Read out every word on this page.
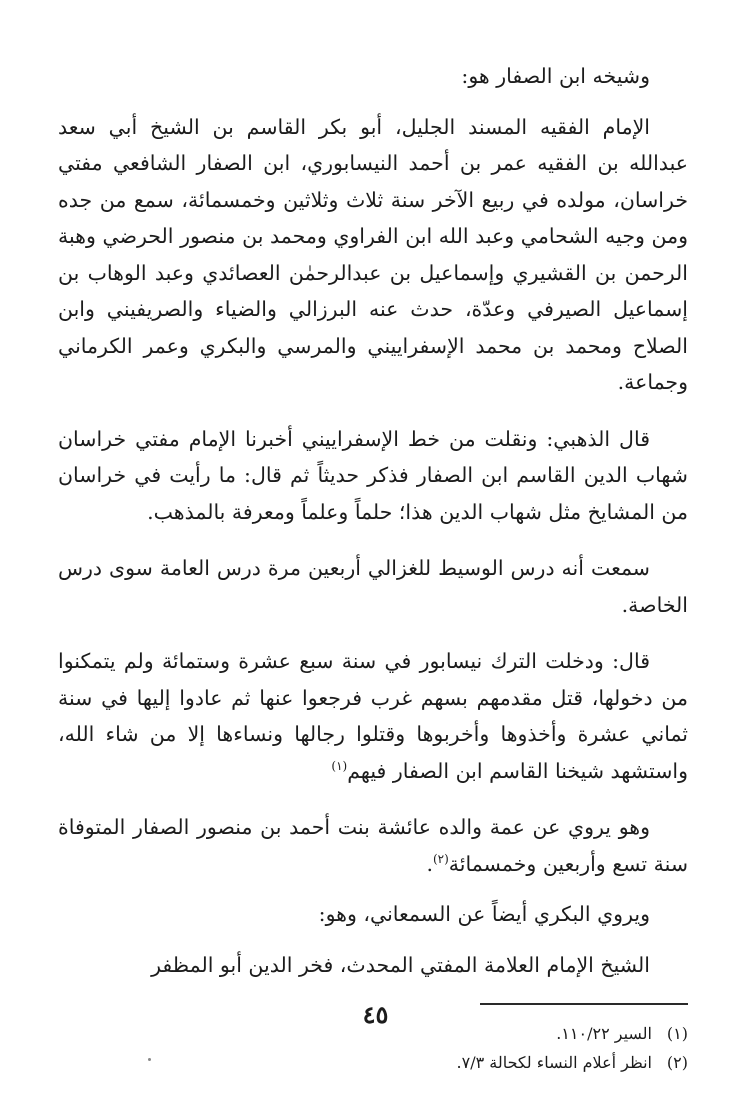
وشيخه ابن الصفار هو:

الإمام الفقيه المسند الجليل، أبو بكر القاسم بن الشيخ أبي سعد عبدالله بن الفقيه عمر بن أحمد النيسابوري، ابن الصفار الشافعي مفتي خراسان، مولده في ربيع الآخر سنة ثلاث وثلاثين وخمسمائة، سمع من جده ومن وجيه الشحامي وعبد الله ابن الفراوي ومحمد بن منصور الحرضي وهبة الرحمن بن القشيري وإسماعيل بن عبدالرحمٰن العصائدي وعبد الوهاب بن إسماعيل الصيرفي وعدّة، حدث عنه البرزالي والضياء والصريفيني وابن الصلاح ومحمد بن محمد الإسفراييني والمرسي والبكري وعمر الكرماني وجماعة.

قال الذهبي: ونقلت من خط الإسفراييني أخبرنا الإمام مفتي خراسان شهاب الدين القاسم ابن الصفار فذكر حديثاً ثم قال: ما رأيت في خراسان من المشايخ مثل شهاب الدين هذا؛ حلماً وعلماً ومعرفة بالمذهب.

سمعت أنه درس الوسيط للغزالي أربعين مرة درس العامة سوى درس الخاصة.

قال: ودخلت الترك نيسابور في سنة سبع عشرة وستمائة ولم يتمكنوا من دخولها، قتل مقدمهم بسهم غرب فرجعوا عنها ثم عادوا إليها في سنة ثماني عشرة وأخذوها وأخربوها وقتلوا رجالها ونساءها إلا من شاء الله، واستشهد شيخنا القاسم ابن الصفار فيهم$^{(١)}$

وهو يروي عن عمة والده عائشة بنت أحمد بن منصور الصفار المتوفاة سنة تسع وأربعين وخمسمائة$^{(٢)}$.

ويروي البكري أيضاً عن السمعاني، وهو:

الشيخ الإمام العلامة المفتي المحدث، فخر الدين أبو المظفر

(١)السير ١١٠/٢٢.

(٢)انظر أعلام النساء لكحالة ٧/٣.

٤٥
